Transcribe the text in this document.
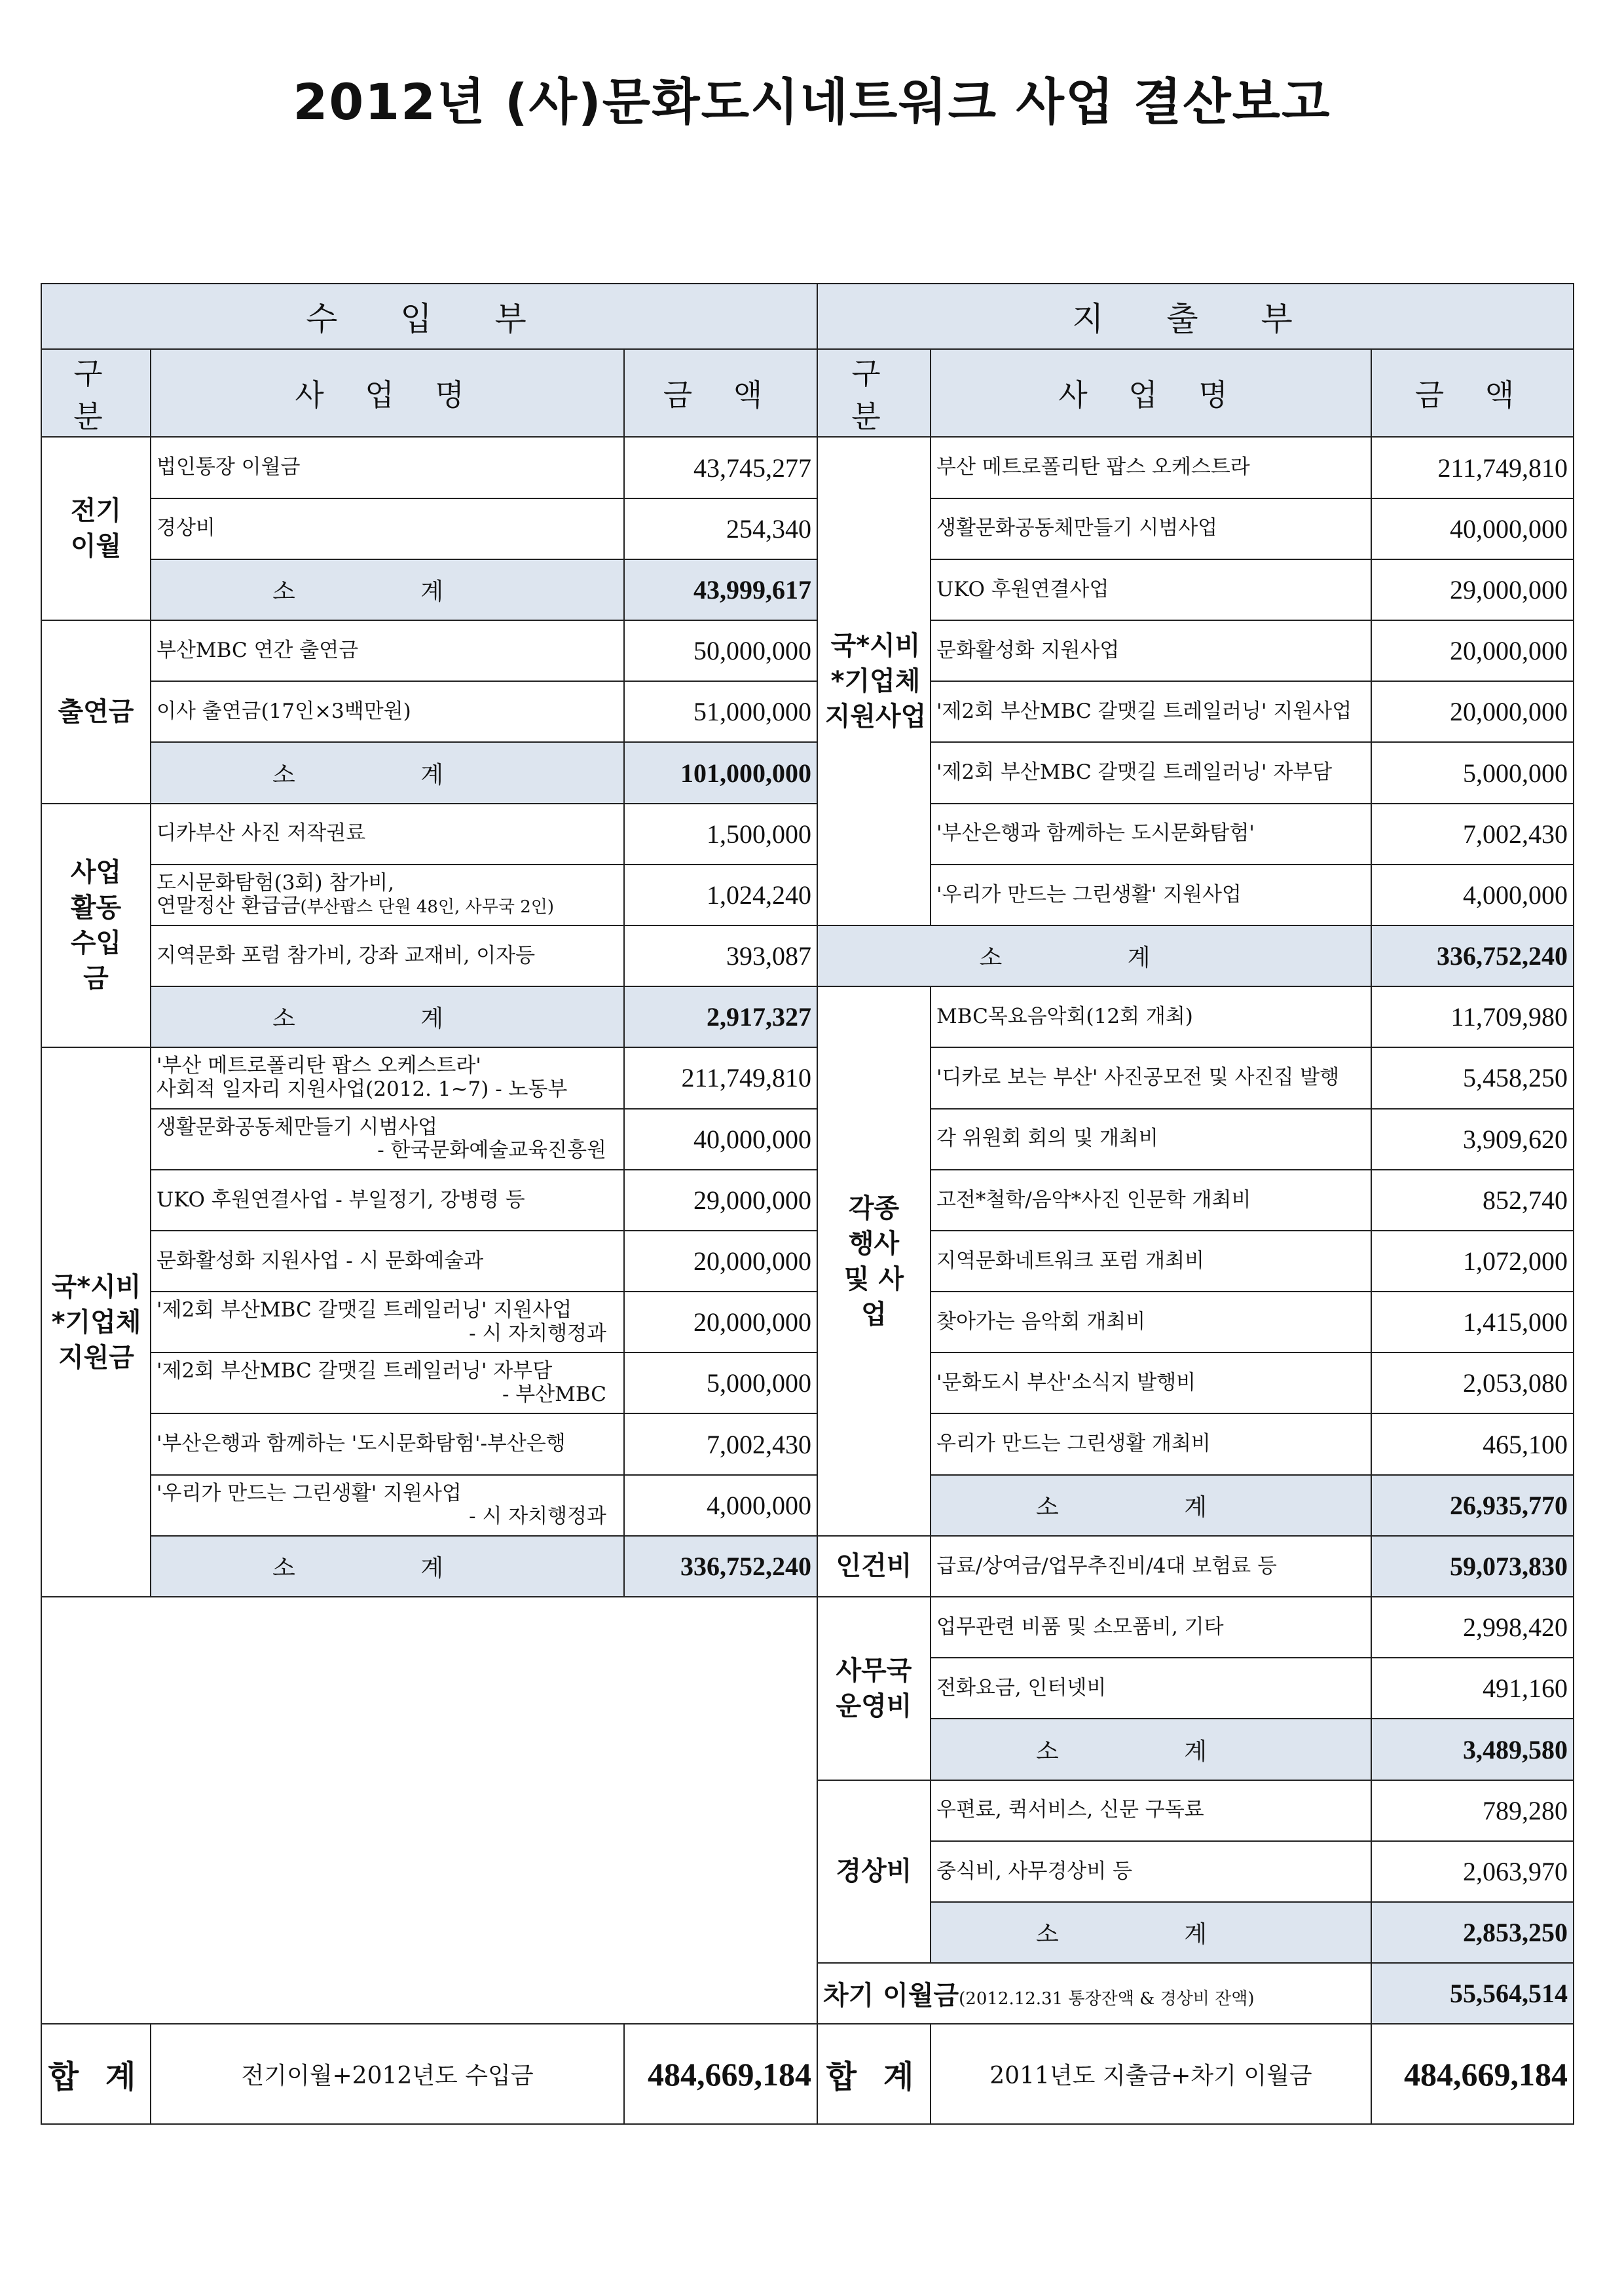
2012년 (사)문화도시네트워크 사업 결산보고
수 입 부			지 출 부		
구 분	사 업 명	금 액	구 분	사 업 명	금 액
전기 이월	법인통장 이월금	43,745,277	국*시비 *기업체 지원사업	부산 메트로폴리탄 팝스 오케스트라	211,749,810
	경상비	254,340		생활문화공동체만들기 시범사업	40,000,000
	소 계	43,999,617		UKO 후원연결사업	29,000,000
출연금	부산MBC 연간 출연금	50,000,000		문화활성화 지원사업	20,000,000
	이사 출연금(17인×3백만원)	51,000,000		'제2회 부산MBC 갈맷길 트레일러닝' 지원사업	20,000,000
	소 계	101,000,000		'제2회 부산MBC 갈맷길 트레일러닝' 자부담	5,000,000
사업 활동 수입금	디카부산 사진 저작권료	1,500,000		'부산은행과 함께하는 도시문화탐험'	7,002,430

	도시문화탐험(3회) 참가비,
연말정산 환급금(부산팝스 단원 48인, 사무국 2인)	1,024,240		'우리가 만드는 그린생활' 지원사업	4,000,000
	지역문화 포럼 참가비, 강좌 교재비, 이자등	393,087	소 계		336,752,240
	소 계	2,917,327	각종 행사 및 사업	MBC목요음악회(12회 개최)	11,709,980
국*시비 *기업체 지원금	'부산 메트로폴리탄 팝스 오케스트라'
사회적 일자리 지원사업(2012. 1~7) - 노동부	211,749,810		'디카로 보는 부산' 사진공모전 및 사진집 발행	5,458,250

	생활문화공동체만들기 시범사업
- 한국문화예술교육진흥원	40,000,000		각 위원회 회의 및 개최비	3,909,620
	UKO 후원연결사업 - 부일정기, 강병령 등	29,000,000		고전*철학/음악*사진 인문학 개최비	852,740
	문화활성화 지원사업 - 시 문화예술과	20,000,000		지역문화네트워크 포럼 개최비	1,072,000

	'제2회 부산MBC 갈맷길 트레일러닝' 지원사업
- 시 자치행정과	20,000,000		찾아가는 음악회 개최비	1,415,000

	'제2회 부산MBC 갈맷길 트레일러닝' 자부담
- 부산MBC	5,000,000		'문화도시 부산'소식지 발행비	2,053,080
	'부산은행과 함께하는 '도시문화탐험'-부산은행	7,002,430		우리가 만드는 그린생활 개최비	465,100

	'우리가 만드는 그린생활' 지원사업
- 시 자치행정과	4,000,000		소 계	26,935,770
	소 계	336,752,240	인건비	급료/상여금/업무추진비/4대 보험료 등	59,073,830
			사무국 운영비	업무관련 비품 및 소모품비, 기타	2,998,420
				전화요금, 인터넷비	491,160
				소 계	3,489,580
			경상비	우편료, 퀵서비스, 신문 구독료	789,280
				중식비, 사무경상비 등	2,063,970
				소 계	2,853,250
			차기 이월금(2012.12.31 통장잔액 & 경상비 잔액)		55,564,514
합 계	전기이월+2012년도 수입금	484,669,184	합 계	2011년도 지출금+차기 이월금	484,669,184
